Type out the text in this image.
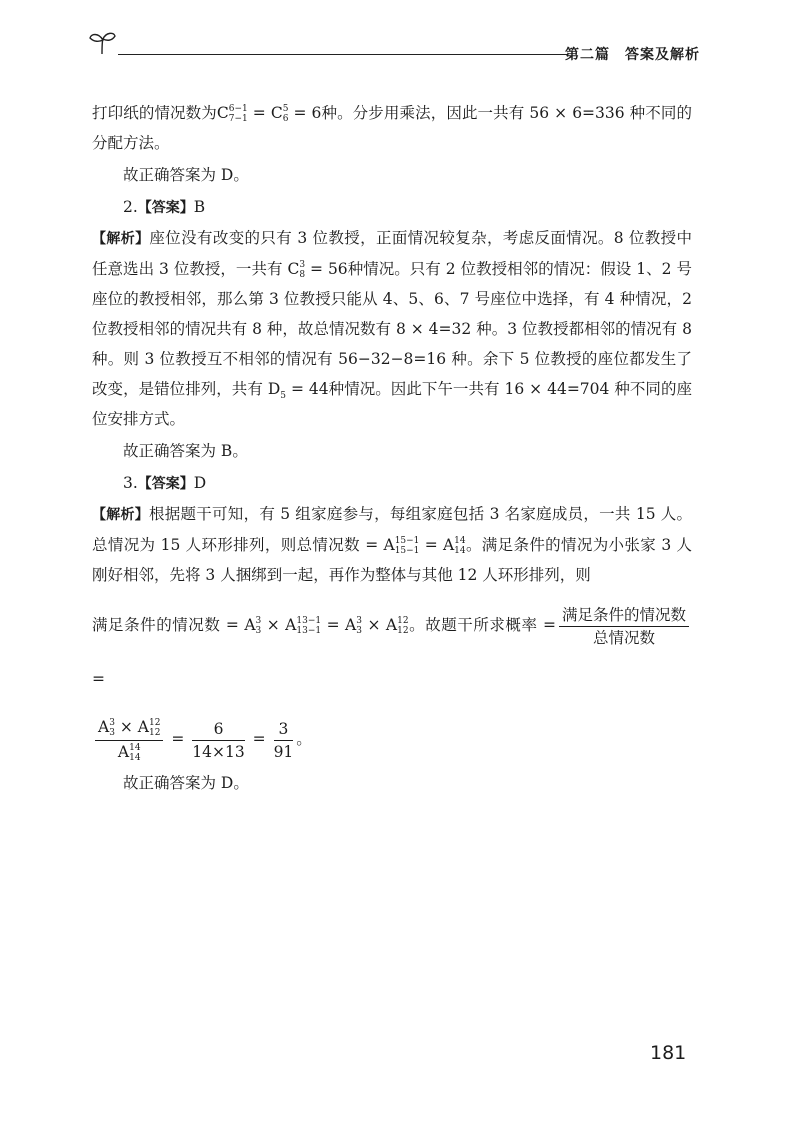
第二篇　答案及解析

打印纸的情况数为C 6−1
7−1 = C 5
6 = 6种。分步用乘法，因此一共有 56 × 6=336 种不同的分配方法。

故正确答案为 D。

2.【答案】B

【解析】座位没有改变的只有 3 位教授，正面情况较复杂，考虑反面情况。8 位教授中任意选出 3 位教授，一共有 C 3
8 = 56种情况。只有 2 位教授相邻的情况：假设 1、2 号座位的教授相邻，那么第 3 位教授只能从 4、5、6、7 号座位中选择，有 4 种情况，2 位教授相邻的情况共有 8 种，故总情况数有 8 × 4=32 种。3 位教授都相邻的情况有 8 种。则 3 位教授互不相邻的情况有 56−32−8=16 种。余下 5 位教授的座位都发生了改变，是错位排列，共有 $D_5 = 44$种情况。因此下午一共有 16 × 44=704 种不同的座位安排方式。

故正确答案为 B。

3.【答案】D

【解析】根据题干可知，有 5 组家庭参与，每组家庭包括 3 名家庭成员，一共 15 人。总情况为 15 人环形排列，则总情况数 = A 15−1
15−1 = A 14
14 。满足条件的情况为小张家 3 人刚好相邻，先将 3 人捆绑到一起，再作为整体与其他 12 人环形排列，则

满足条件的情况数 = A 3
3 × A 13−1
13−1 = A 3
3 × A 12
12 。故题干所求概率 = $\frac{\text{满足条件的情况数}}{\text{总情况数}}$
=

A 3
3 × A 12
12
A 14
$14 = \frac{6}{14\times 13} = \frac{3}{91}$ 。

故正确答案为 D。

181
